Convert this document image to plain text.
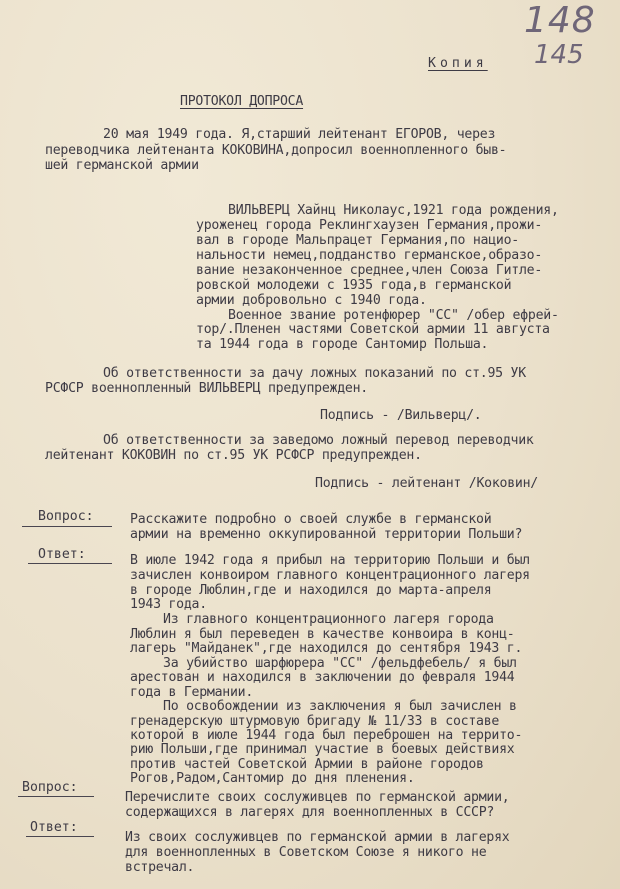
148
145
Копия
ПРОТОКОЛ ДОПРОСА
20 мая 1949 года. Я,старший лейтенант ЕГОРОВ, через
переводчика лейтенанта КОКОВИНА,допросил военнопленного быв-
шей германской армии
ВИЛЬВЕРЦ Хайнц Николаус,1921 года рождения,
уроженец города Реклингхаузен Германия,прожи-
вал в городе Мальпрацет Германия,по нацио-
нальности немец,подданство германское,образо-
вание незаконченное среднее,член Союза Гитле-
ровской молодежи с 1935 года,в германской
армии добровольно с 1940 года.
Военное звание ротенфюрер "СС" /обер ефрей-
тор/.Пленен частями Советской армии 11 августа
та 1944 года в городе Сантомир Польша.
Об ответственности за дачу ложных показаний по ст.95 УК
РСФСР военнопленный ВИЛЬВЕРЦ предупрежден.
Подпись - /Вильверц/.
Об ответственности за заведомо ложный перевод переводчик
лейтенант КОКОВИН по ст.95 УК РСФСР предупрежден.
Подпись - лейтенант /Коковин/
Вопрос:	Расскажите подробно о своей службе в германской
армии на временно оккупированной территории Польши?
Ответ:	В июле 1942 года я прибыл на территорию Польши и был
зачислен конвоиром главного концентрационного лагеря
в городе Люблин,где и находился до марта-апреля
1943 года.
Из главного концентрационного лагеря города
Люблин я был переведен в качестве конвоира в конц-
лагерь "Майданек",где находился до сентября 1943 г.
За убийство шарфюрера "СС" /фельдфебель/ я был
арестован и находился в заключении до февраля 1944
года в Германии.
По освобождении из заключения я был зачислен в
гренадерскую штурмовую бригаду № 11/33 в составе
которой в июле 1944 года был переброшен на террито-
рию Польши,где принимал участие в боевых действиях
против частей Советской Армии в районе городов
Рогов,Радом,Сантомир до дня пленения.
Вопрос:
Перечислите своих сослуживцев по германской армии,
содержащихся в лагерях для военнопленных в СССР?
Ответ:
Из своих сослуживцев по германской армии в лагерях
для военнопленных в Советском Союзе я никого не
встречал.
